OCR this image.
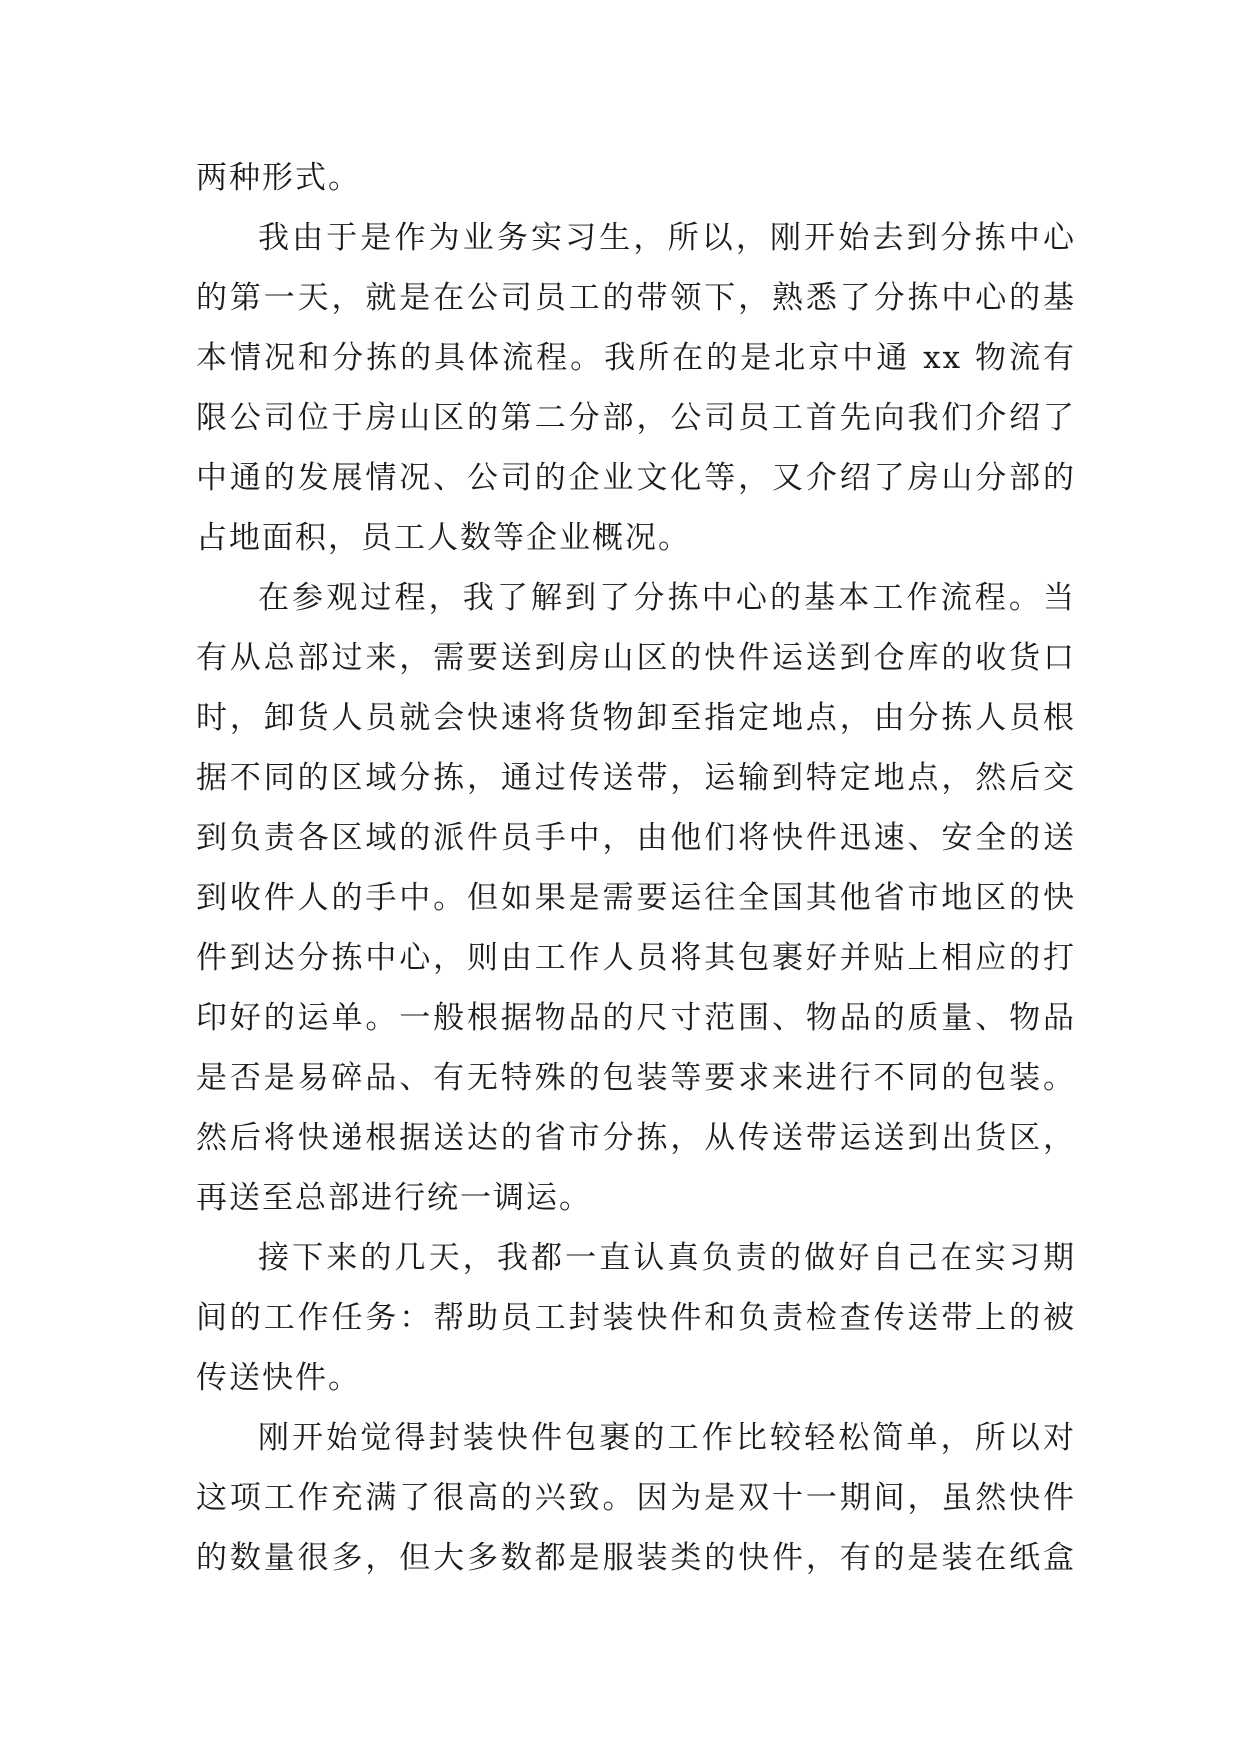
两种形式。
我由于是作为业务实习生，所以，刚开始去到分拣中心
的第一天，就是在公司员工的带领下，熟悉了分拣中心的基
本情况和分拣的具体流程。我所在的是北京中通 xx 物流有
限公司位于房山区的第二分部，公司员工首先向我们介绍了
中通的发展情况、公司的企业文化等，又介绍了房山分部的
占地面积，员工人数等企业概况。
在参观过程，我了解到了分拣中心的基本工作流程。当
有从总部过来，需要送到房山区的快件运送到仓库的收货口
时，卸货人员就会快速将货物卸至指定地点，由分拣人员根
据不同的区域分拣，通过传送带，运输到特定地点，然后交
到负责各区域的派件员手中，由他们将快件迅速、安全的送
到收件人的手中。但如果是需要运往全国其他省市地区的快
件到达分拣中心，则由工作人员将其包裹好并贴上相应的打
印好的运单。一般根据物品的尺寸范围、物品的质量、物品
是否是易碎品、有无特殊的包装等要求来进行不同的包装。
然后将快递根据送达的省市分拣，从传送带运送到出货区，
再送至总部进行统一调运。
接下来的几天，我都一直认真负责的做好自己在实习期
间的工作任务：帮助员工封装快件和负责检查传送带上的被
传送快件。
刚开始觉得封装快件包裹的工作比较轻松简单，所以对
这项工作充满了很高的兴致。因为是双十一期间，虽然快件
的数量很多，但大多数都是服装类的快件，有的是装在纸盒
